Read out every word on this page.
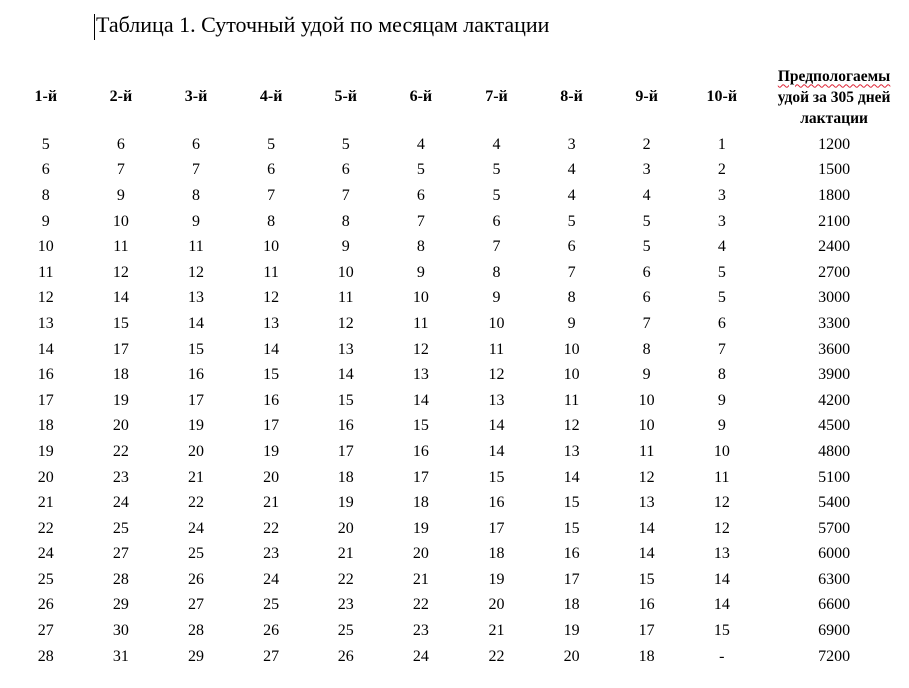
Таблица 1. Суточный удой по месяцам лактации
1-й	2-й	3-й	4-й	5-й	6-й	7-й	8-й	9-й	10-й	Предпологаемы
удой за 305 дней
лактации
5	6	6	5	5	4	4	3	2	1	1200
6	7	7	6	6	5	5	4	3	2	1500
8	9	8	7	7	6	5	4	4	3	1800
9	10	9	8	8	7	6	5	5	3	2100
10	11	11	10	9	8	7	6	5	4	2400
11	12	12	11	10	9	8	7	6	5	2700
12	14	13	12	11	10	9	8	6	5	3000
13	15	14	13	12	11	10	9	7	6	3300
14	17	15	14	13	12	11	10	8	7	3600
16	18	16	15	14	13	12	10	9	8	3900
17	19	17	16	15	14	13	11	10	9	4200
18	20	19	17	16	15	14	12	10	9	4500
19	22	20	19	17	16	14	13	11	10	4800
20	23	21	20	18	17	15	14	12	11	5100
21	24	22	21	19	18	16	15	13	12	5400
22	25	24	22	20	19	17	15	14	12	5700
24	27	25	23	21	20	18	16	14	13	6000
25	28	26	24	22	21	19	17	15	14	6300
26	29	27	25	23	22	20	18	16	14	6600
27	30	28	26	25	23	21	19	17	15	6900
28	31	29	27	26	24	22	20	18	-	7200
